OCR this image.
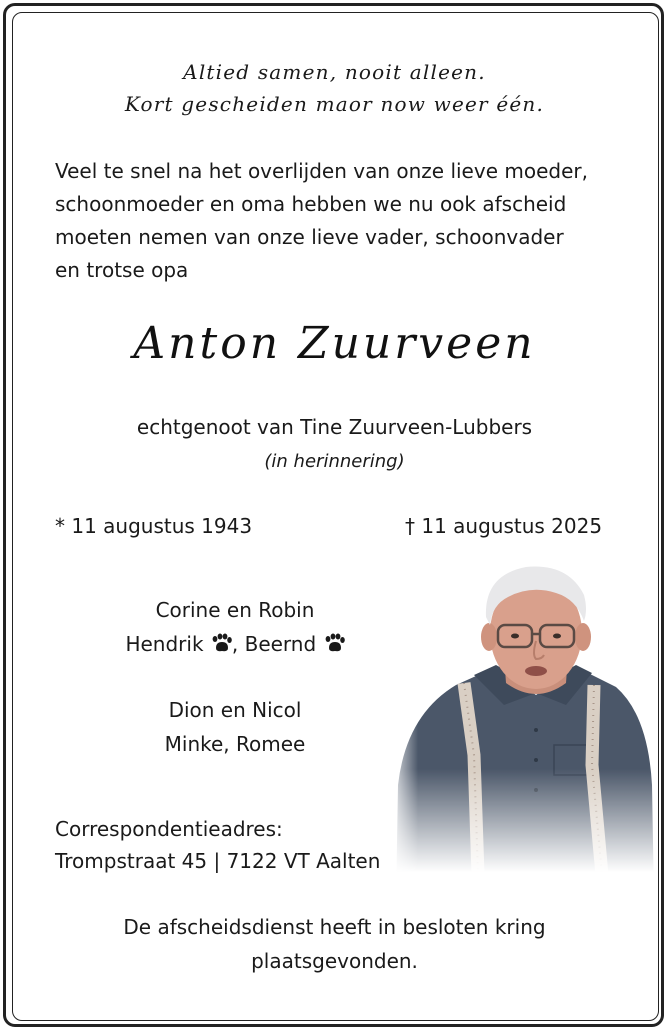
Altied samen, nooit alleen.
Kort gescheiden maor now weer één.
Veel te snel na het overlijden van onze lieve moeder,
schoonmoeder en oma hebben we nu ook afscheid
moeten nemen van onze lieve vader, schoonvader
en trotse opa
Anton Zuurveen
echtgenoot van Tine Zuurveen-Lubbers
(in herinnering)
* 11 augustus 1943	† 11 augustus 2025
Corine en Robin
Hendrik , Beernd
Dion en Nicol
Minke, Romee
Correspondentieadres:
Trompstraat 45 | 7122 VT Aalten
De afscheidsdienst heeft in besloten kring
plaatsgevonden.
